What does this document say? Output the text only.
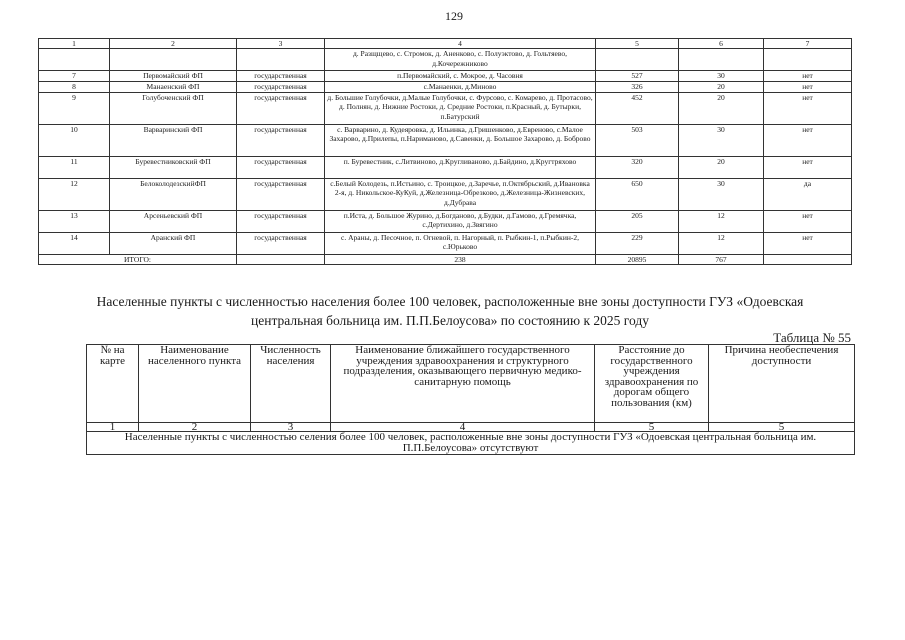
129
1	2	3	4	5	6	7
			д. Разщщево, с. Стромок, д. Аненково, с. Полуэктово, д. Гольтяево, д.Кочережниково			
7	Первомайский ФП	государственная	п.Первомайский, с. Мокрое, д. Часовня	527	30	нет
8	Манаенский ФП	государственная	с.Манаенки, д.Миново	326	20	нет
9	Голубоченский ФП	государственная	д. Большие Голубочки, д.Малые Голубочки, с. Фурсово, с. Комарево, д. Протасово, д. Полнян, д. Нижние Ростоки, д. Средние Ростоки, п.Красный, д. Бутырки, п.Батурский	452	20	нет
10	Варваринский ФП	государственная	с. Варварино, д. Кудеяровка, д. Ильинка, д.Гришенково, д.Евреново, с.Малое Захарово, д.Прилепы, п.Наримановo, д.Савенки, д. Большое Захарово, д. Боброво	503	30	нет
11	Буревестниковский ФП	государственная	п. Буревестник, с.Литвиново, д.Кругливаново, д.Байдино, д.Кругтряхово	320	20	нет
12	БелоколодезскийФП	государственная	с.Белый Колодезь, п.Истьино, с. Троицкое, д.Заречье, п.Октябрьский, д.Ивановка 2-я, д. Никольское-КуКуй, д.Железница-Обрезково, д.Железница-Жизневских, д.Дубрава	650	30	да
13	Арсеньевский ФП	государственная	п.Иста, д. Большое Журино, д.Богданово, д.Будки, д.Гамово, д.Гремячка, с.Дертихино, д.Звягино	205	12	нет
14	Аранский ФП	государственная	с. Араны, д. Песочное, п. Огневой, п. Нагорный, п. Рыбкин-1, п.Рыбкин-2, с.Юрьково	229	12	нет
ИТОГО:			238	20895	767	
Населенные пункты с численностью населения более 100 человек, расположенные вне зоны доступности ГУЗ «Одоевская центральная больница им. П.П.Белоусова» по состоянию к 2025 году
Таблица № 55
№ на карте	Наименование населенного пункта	Численность населения	Наименование ближайшего государственного учреждения здравоохранения и структурного подразделения, оказывающего первичную медико-санитарную помощь	Расстояние до государственного учреждения здравоохранения по дорогам общего пользования (км)	Причина необеспечения доступности
1	2	3	4	5	5
Населенные пункты с численностью селения более 100 человек, расположенные вне зоны доступности ГУЗ «Одоевская центральная больница им. П.П.Белоусова» отсутствуют					
